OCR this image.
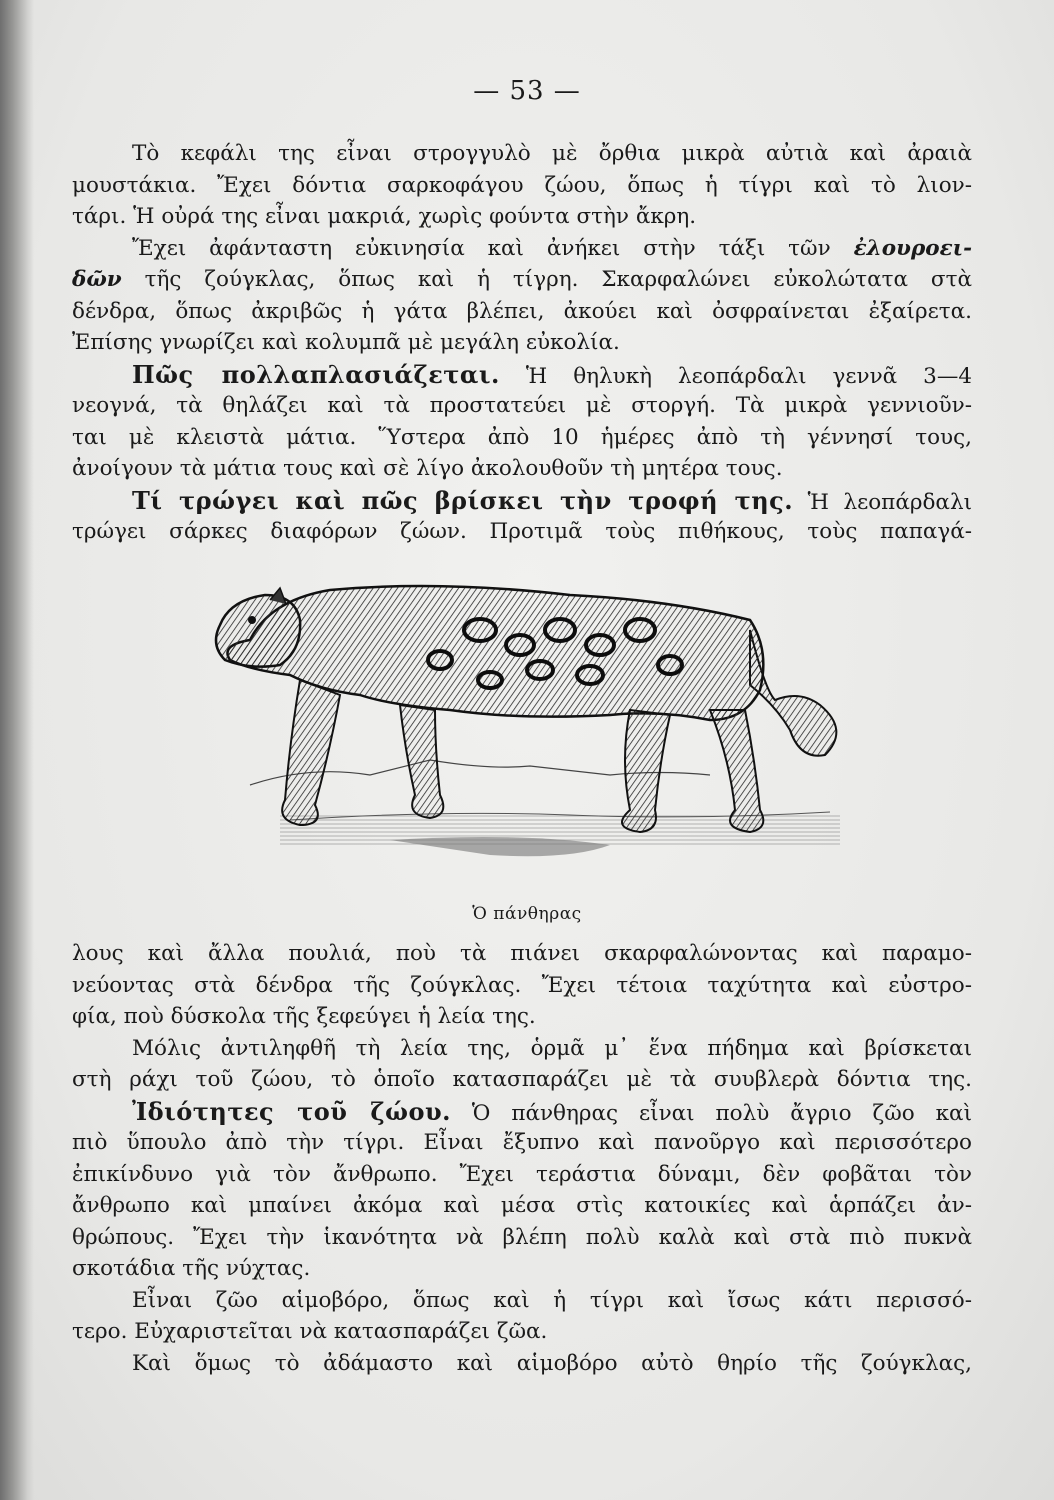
— 53 —
Τὸ κεφάλι της εἶναι στρογγυλὸ μὲ ὄρθια μικρὰ αὐτιὰ καὶ ἀραιὰ
μουστάκια. Ἔχει δόντια σαρκοφάγου ζώου, ὅπως ἡ τίγρι καὶ τὸ λιον-
τάρι. Ἡ οὐρά της εἶναι μακριά, χωρὶς φούντα στὴν ἄκρη.
Ἔχει ἀφάνταστη εὐκινησία καὶ ἀνήκει στὴν τάξι τῶν ἐλουροει-
δῶν τῆς ζούγκλας, ὅπως καὶ ἡ τίγρη. Σκαρφαλώνει εὐκολώτατα στὰ
δένδρα, ὅπως ἀκριβῶς ἡ γάτα βλέπει, ἀκούει καὶ ὀσφραίνεται ἐξαίρετα.
Ἐπίσης γνωρίζει καὶ κολυμπᾶ μὲ μεγάλη εὐκολία.
Πῶς πολλαπλασιάζεται. Ἡ θηλυκὴ λεοπάρδαλι γεννᾶ 3—4
νεογνά, τὰ θηλάζει καὶ τὰ προστατεύει μὲ στοργή. Τὰ μικρὰ γεννιοῦν-
ται μὲ κλειστὰ μάτια. Ὕστερα ἀπὸ 10 ἡμέρες ἀπὸ τὴ γέννησί τους,
ἀνοίγουν τὰ μάτια τους καὶ σὲ λίγο ἀκολουθοῦν τὴ μητέρα τους.
Τί τρώγει καὶ πῶς βρίσκει τὴν τροφή της. Ἡ λεοπάρδαλι
τρώγει σάρκες διαφόρων ζώων. Προτιμᾶ τοὺς πιθήκους, τοὺς παπαγά-
Ὁ πάνθηρας
λους καὶ ἄλλα πουλιά, ποὺ τὰ πιάνει σκαρφαλώνοντας καὶ παραμο-
νεύοντας στὰ δένδρα τῆς ζούγκλας. Ἔχει τέτοια ταχύτητα καὶ εὐστρο-
φία, ποὺ δύσκολα τῆς ξεφεύγει ἡ λεία της.
Μόλις ἀντιληφθῆ τὴ λεία της, ὁρμᾶ μ᾿ ἕνα πήδημα καὶ βρίσκεται
στὴ ράχι τοῦ ζώου, τὸ ὁποῖο κατασπαράζει μὲ τὰ συυβλερὰ δόντια της.
Ἰδιότητες τοῦ ζώου. Ὁ πάνθηρας εἶναι πολὺ ἄγριο ζῶο καὶ
πιὸ ὕπουλο ἀπὸ τὴν τίγρι. Εἶναι ἔξυπνο καὶ πανοῦργο καὶ περισσότερο
ἐπικίνδυνο γιὰ τὸν ἄνθρωπο. Ἔχει τεράστια δύναμι, δὲν φοβᾶται τὸν
ἄνθρωπο καὶ μπαίνει ἀκόμα καὶ μέσα στὶς κατοικίες καὶ ἁρπάζει ἀν-
θρώπους. Ἔχει τὴν ἱκανότητα νὰ βλέπη πολὺ καλὰ καὶ στὰ πιὸ πυκνὰ
σκοτάδια τῆς νύχτας.
Εἶναι ζῶο αἱμοβόρο, ὅπως καὶ ἡ τίγρι καὶ ἴσως κάτι περισσό-
τερο. Εὐχαριστεῖται νὰ κατασπαράζει ζῶα.
Καὶ ὅμως τὸ ἀδάμαστο καὶ αἱμοβόρο αὐτὸ θηρίο τῆς ζούγκλας,
